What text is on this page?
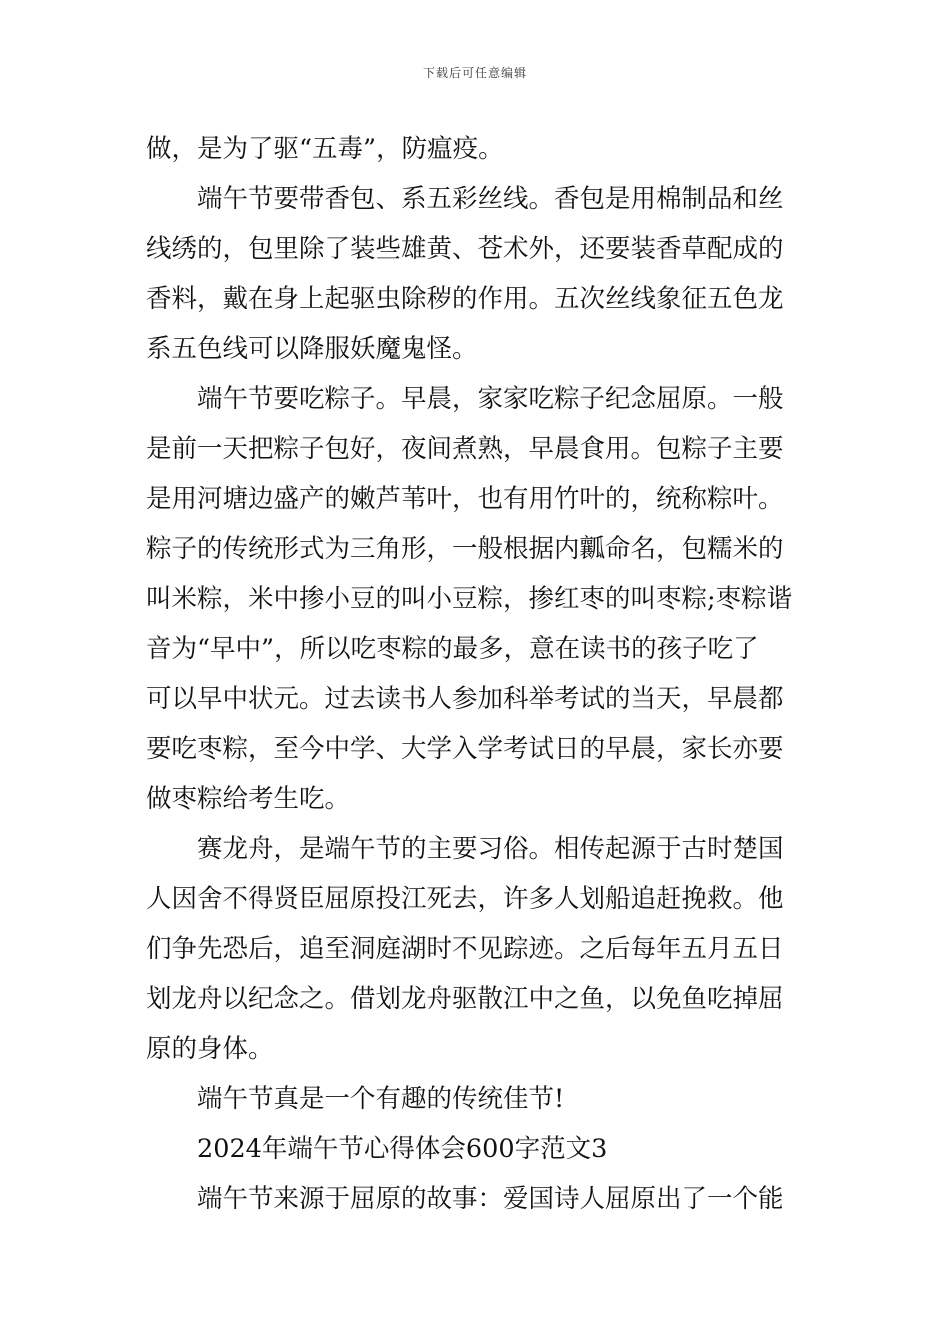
下载后可任意编辑
做，是为了驱“五毒”，防瘟疫。
端午节要带香包、系五彩丝线。香包是用棉制品和丝
线绣的，包里除了装些雄黄、苍术外，还要装香草配成的
香料，戴在身上起驱虫除秽的作用。五次丝线象征五色龙
系五色线可以降服妖魔鬼怪。
端午节要吃粽子。早晨，家家吃粽子纪念屈原。一般
是前一天把粽子包好，夜间煮熟，早晨食用。包粽子主要
是用河塘边盛产的嫩芦苇叶，也有用竹叶的，统称粽叶。
粽子的传统形式为三角形，一般根据内瓤命名，包糯米的
叫米粽，米中掺小豆的叫小豆粽，掺红枣的叫枣粽;枣粽谐
音为“早中”，所以吃枣粽的最多，意在读书的孩子吃了
可以早中状元。过去读书人参加科举考试的当天，早晨都
要吃枣粽，至今中学、大学入学考试日的早晨，家长亦要
做枣粽给考生吃。
赛龙舟，是端午节的主要习俗。相传起源于古时楚国
人因舍不得贤臣屈原投江死去，许多人划船追赶挽救。他
们争先恐后，追至洞庭湖时不见踪迹。之后每年五月五日
划龙舟以纪念之。借划龙舟驱散江中之鱼，以免鱼吃掉屈
原的身体。
端午节真是一个有趣的传统佳节!
2024年端午节心得体会600字范文3
端午节来源于屈原的故事：爱国诗人屈原出了一个能
